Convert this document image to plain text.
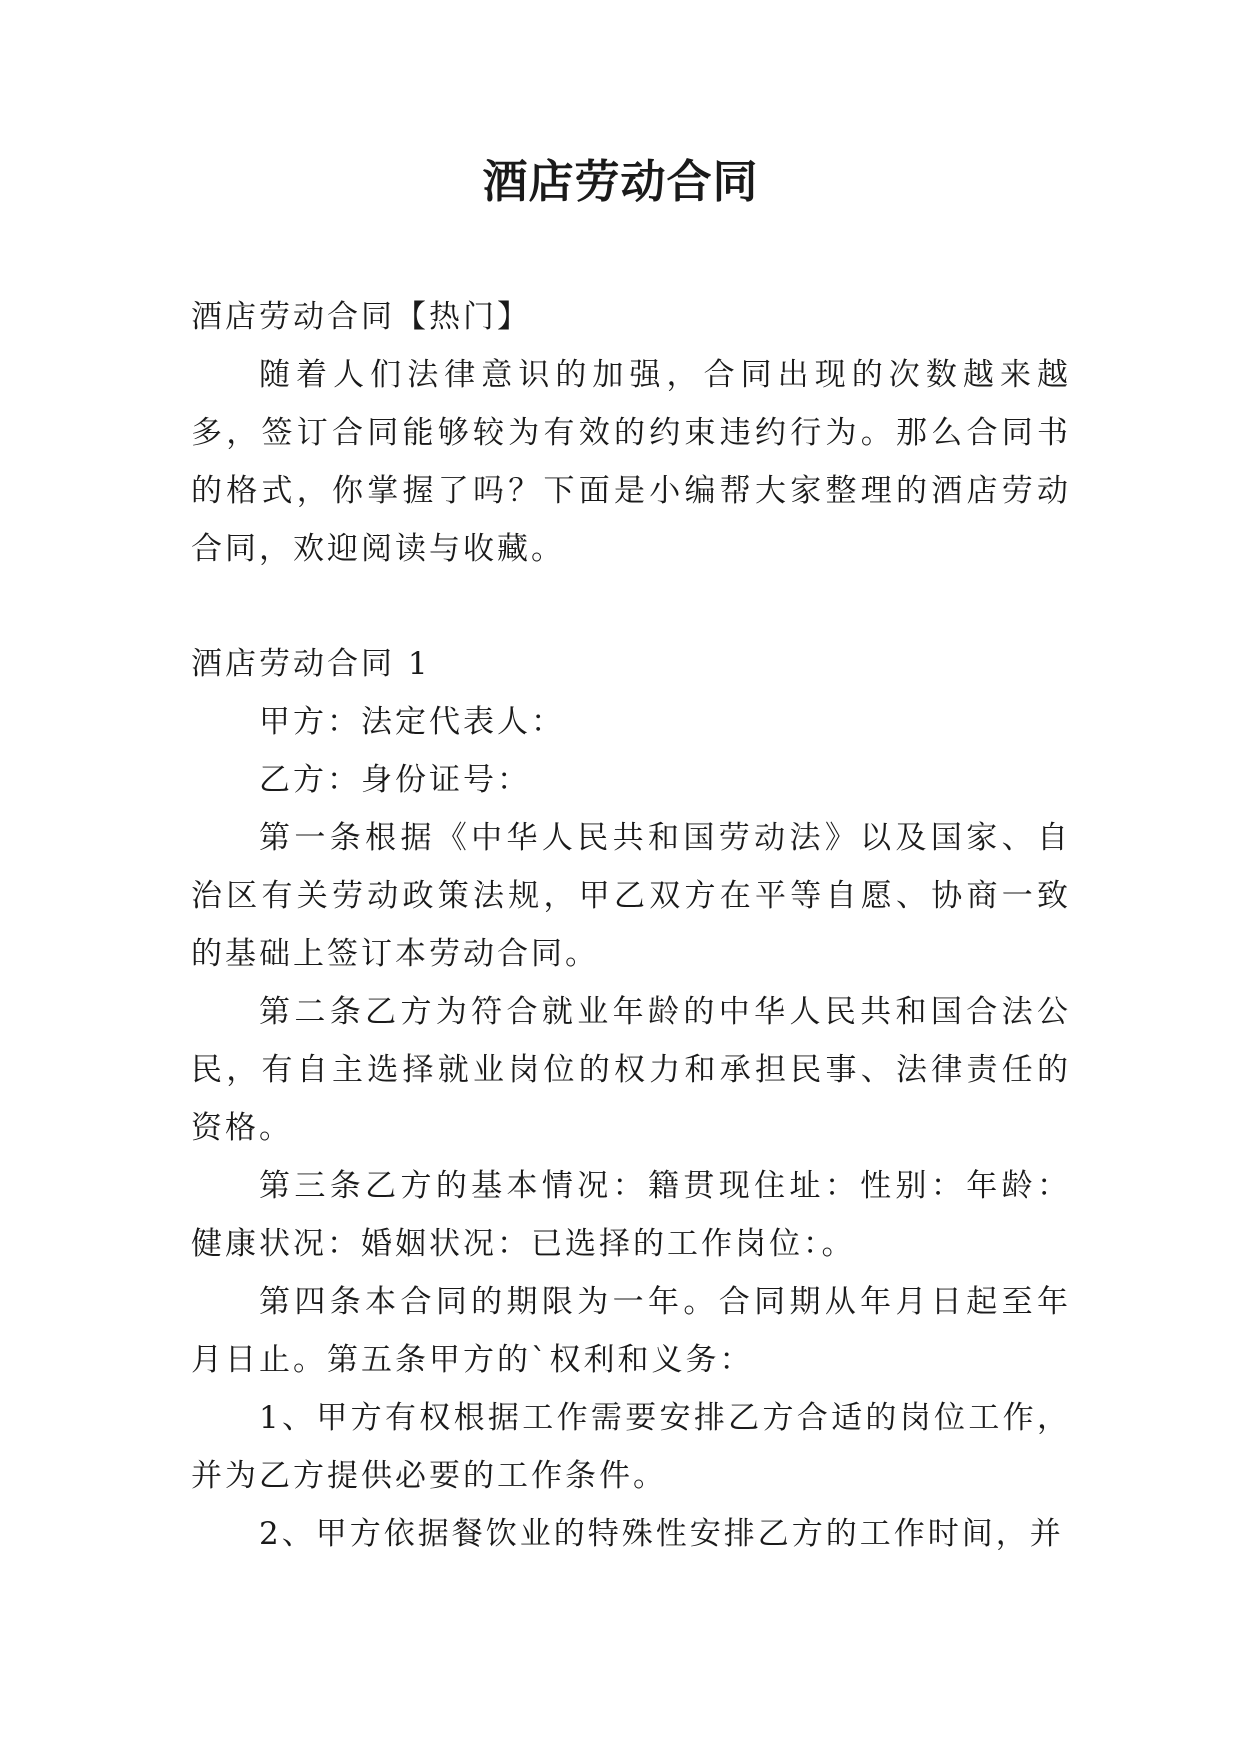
酒店劳动合同

酒店劳动合同【热门】

随着人们法律意识的加强，合同出现的次数越来越多，签订合同能够较为有效的约束违约行为。那么合同书的格式，你掌握了吗？下面是小编帮大家整理的酒店劳动合同，欢迎阅读与收藏。

酒店劳动合同 1

甲方：法定代表人：

乙方：身份证号：

第一条根据《中华人民共和国劳动法》以及国家、自治区有关劳动政策法规，甲乙双方在平等自愿、协商一致的基础上签订本劳动合同。

第二条乙方为符合就业年龄的中华人民共和国合法公民，有自主选择就业岗位的权力和承担民事、法律责任的资格。

第三条乙方的基本情况：籍贯现住址：性别：年龄：健康状况：婚姻状况：已选择的工作岗位：。

第四条本合同的期限为一年。合同期从年月日起至年月日止。第五条甲方的`权利和义务：

1、甲方有权根据工作需要安排乙方合适的岗位工作，并为乙方提供必要的工作条件。

2、甲方依据餐饮业的特殊性安排乙方的工作时间，并
